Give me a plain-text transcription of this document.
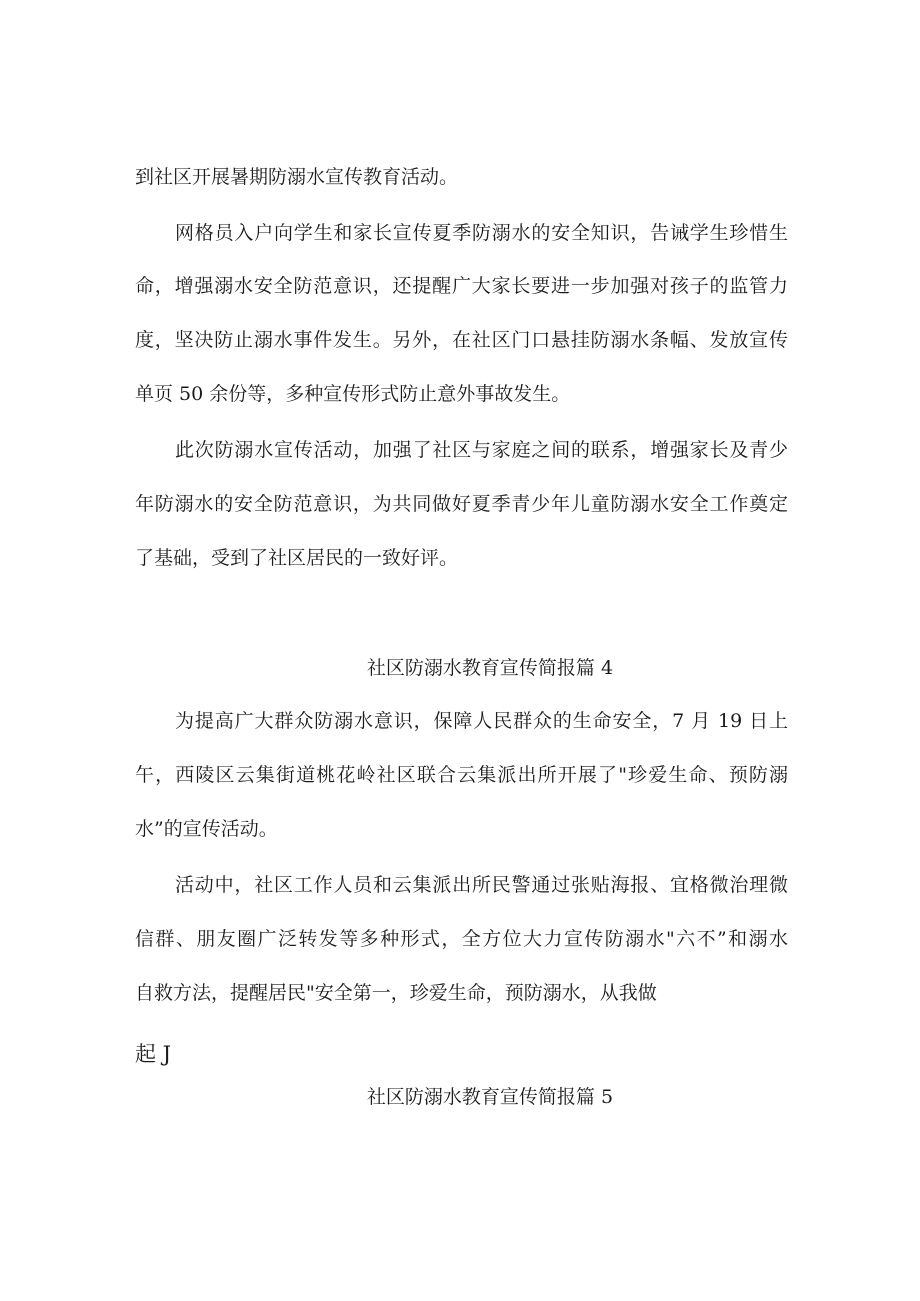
到社区开展暑期防溺水宣传教育活动。
网格员入户向学生和家长宣传夏季防溺水的安全知识，告诫学生珍惜生
命，增强溺水安全防范意识，还提醒广大家长要进一步加强对孩子的监管力
度，坚决防止溺水事件发生。另外，在社区门口悬挂防溺水条幅、发放宣传
单页 50 余份等，多种宣传形式防止意外事故发生。
此次防溺水宣传活动，加强了社区与家庭之间的联系，增强家长及青少
年防溺水的安全防范意识，为共同做好夏季青少年儿童防溺水安全工作奠定
了基础，受到了社区居民的一致好评。
社区防溺水教育宣传简报篇 4
为提高广大群众防溺水意识，保障人民群众的生命安全，7 月 19 日上
午，西陵区云集街道桃花岭社区联合云集派出所开展了"珍爱生命、预防溺
水”的宣传活动。
活动中，社区工作人员和云集派出所民警通过张贴海报、宜格微治理微
信群、朋友圈广泛转发等多种形式，全方位大力宣传防溺水"六不”和溺水
自救方法，提醒居民"安全第一，珍爱生命，预防溺水，从我做
起 J
社区防溺水教育宣传简报篇 5
